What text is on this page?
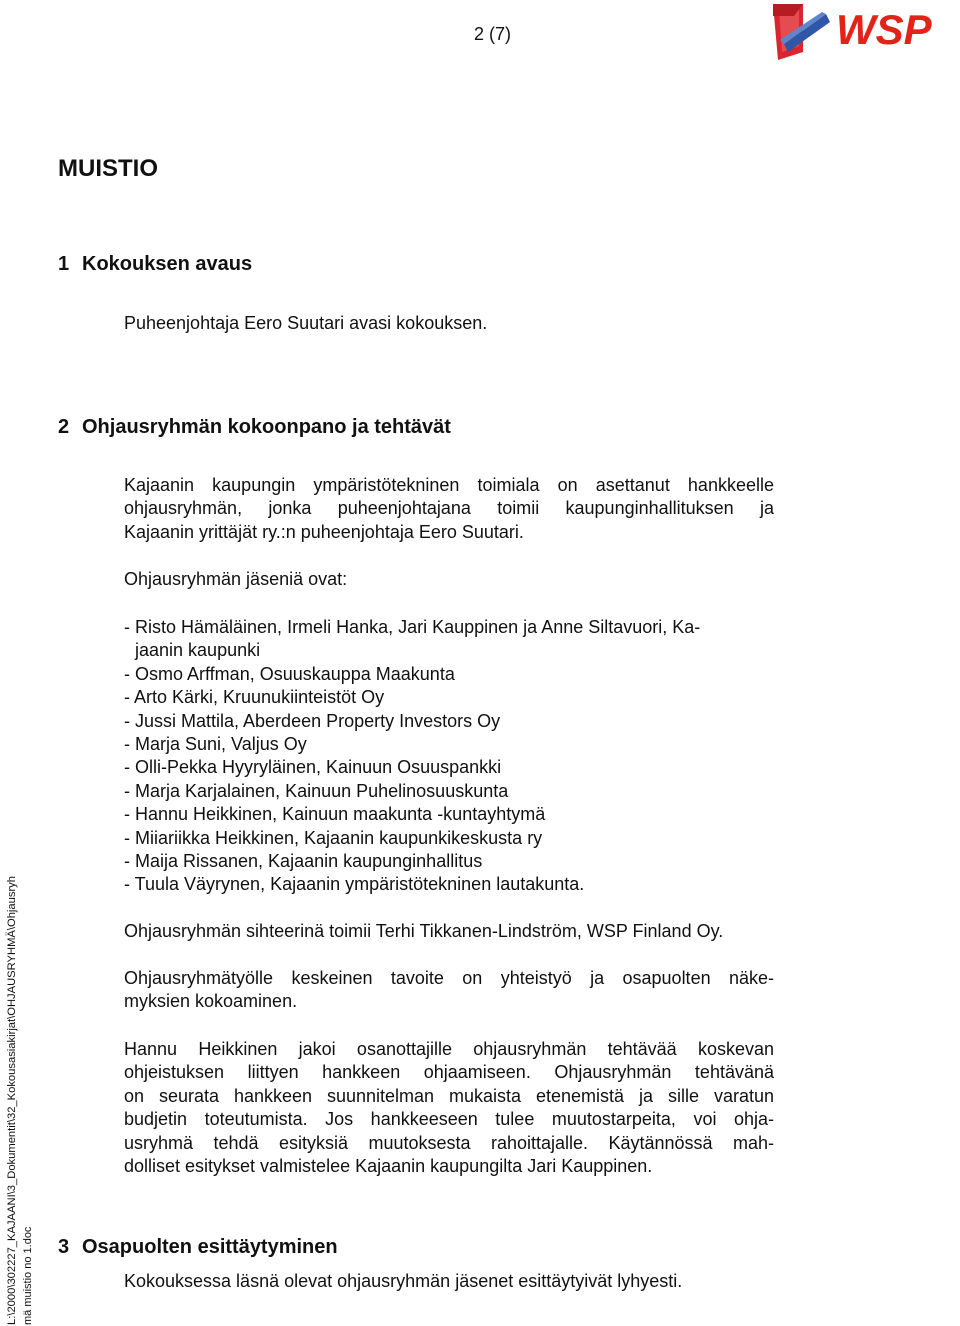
2 (7)	WSP
MUISTIO
1 Kokouksen avaus
Puheenjohtaja Eero Suutari avasi kokouksen.
2 Ohjausryhmän kokoonpano ja tehtävät
Kajaanin kaupungin ympäristötekninen toimiala on asettanut hankkeelle
ohjausryhmän, jonka puheenjohtajana toimii kaupunginhallituksen ja
Kajaanin yrittäjät ry.:n puheenjohtaja Eero Suutari.
Ohjausryhmän jäseniä ovat:
- Risto Hämäläinen, Irmeli Hanka, Jari Kauppinen ja Anne Siltavuori, Ka-
jaanin kaupunki
- Osmo Arffman, Osuuskauppa Maakunta
- Arto Kärki, Kruunukiinteistöt Oy
- Jussi Mattila, Aberdeen Property Investors Oy
- Marja Suni, Valjus Oy
- Olli-Pekka Hyyryläinen, Kainuun Osuuspankki
- Marja Karjalainen, Kainuun Puhelinosuuskunta
- Hannu Heikkinen, Kainuun maakunta -kuntayhtymä
- Miiariikka Heikkinen, Kajaanin kaupunkikeskusta ry
- Maija Rissanen, Kajaanin kaupunginhallitus
- Tuula Väyrynen, Kajaanin ympäristötekninen lautakunta.
Ohjausryhmän sihteerinä toimii Terhi Tikkanen-Lindström, WSP Finland Oy.
Ohjausryhmätyölle keskeinen tavoite on yhteistyö ja osapuolten näke-
myksien kokoaminen.
Hannu Heikkinen jakoi osanottajille ohjausryhmän tehtävää koskevan
ohjeistuksen liittyen hankkeen ohjaamiseen. Ohjausryhmän tehtävänä
on seurata hankkeen suunnitelman mukaista etenemistä ja sille varatun
budjetin toteutumista. Jos hankkeeseen tulee muutostarpeita, voi ohja-
usryhmä tehdä esityksiä muutoksesta rahoittajalle. Käytännössä mah-
dolliset esitykset valmistelee Kajaanin kaupungilta Jari Kauppinen.
3 Osapuolten esittäytyminen
Kokouksessa läsnä olevat ohjausryhmän jäsenet esittäytyivät lyhyesti.
L:\2000\302227_KAJAANI\3_Dokumentit\32_Kokousasiakirjat\OHJAUSRYHMÄ\Ohjausryh mä muistio no 1.doc
